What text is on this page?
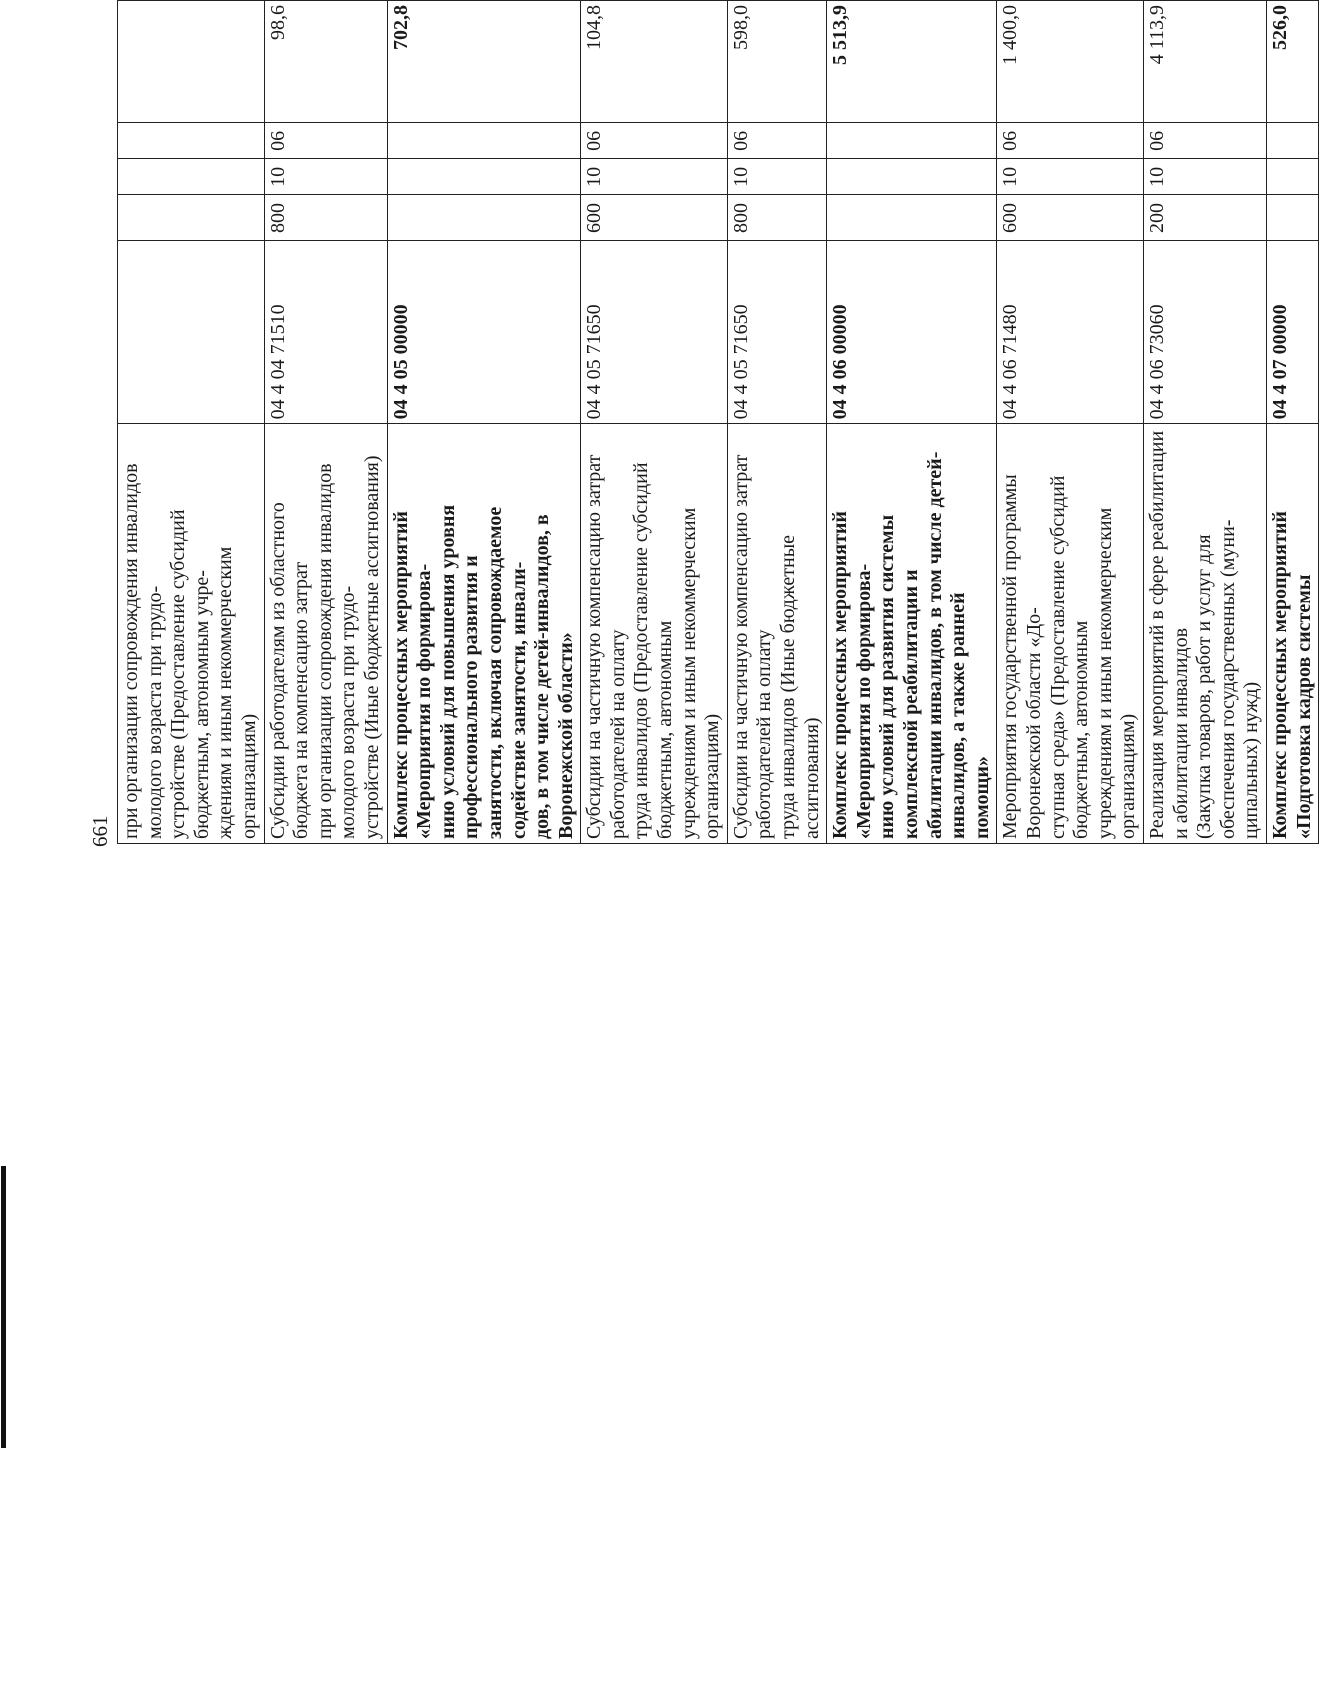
661 при организации сопровождения инвалидов молодого возраста при трудо-
устройстве (Предоставление субсидий бюджетным, автономным учре-
ждениям и иным некоммерческим организациям)					
Субсидии работодателям из областного бюджета на компенсацию затрат
при организации сопровождения инвалидов молодого возраста при трудо-
устройстве (Иные бюджетные ассигнования)	04 4 04 71510	800	10	06	98,6
Комплекс процессных мероприятий «Мероприятия по формирова-
нию условий для повышения уровня профессионального развития и
занятости, включая сопровождаемое содействие занятости, инвали-
дов, в том числе детей-инвалидов, в Воронежской области»	04 4 05 00000				702,8
Субсидии на частичную компенсацию затрат работодателей на оплату
труда инвалидов (Предоставление субсидий бюджетным, автономным
учреждениям и иным некоммерческим организациям)	04 4 05 71650	600	10	06	104,8
Субсидии на частичную компенсацию затрат работодателей на оплату
труда инвалидов (Иные бюджетные ассигнования)	04 4 05 71650	800	10	06	598,0
Комплекс процессных мероприятий «Мероприятия по формирова-
нию условий для развития системы комплексной реабилитации и
абилитации инвалидов, в том числе детей-инвалидов, а также ранней
помощи»	04 4 06 00000				5 513,9
Мероприятия государственной программы Воронежской области «До-
ступная среда» (Предоставление субсидий бюджетным, автономным
учреждениям и иным некоммерческим организациям)	04 4 06 71480	600	10	06	1 400,0
Реализация мероприятий в сфере реабилитации и абилитации инвалидов
(Закупка товаров, работ и услуг для обеспечения государственных (муни-
ципальных) нужд)	04 4 06 73060	200	10	06	4 113,9
Комплекс процессных мероприятий «Подготовка кадров системы	04 4 07 00000				526,0
